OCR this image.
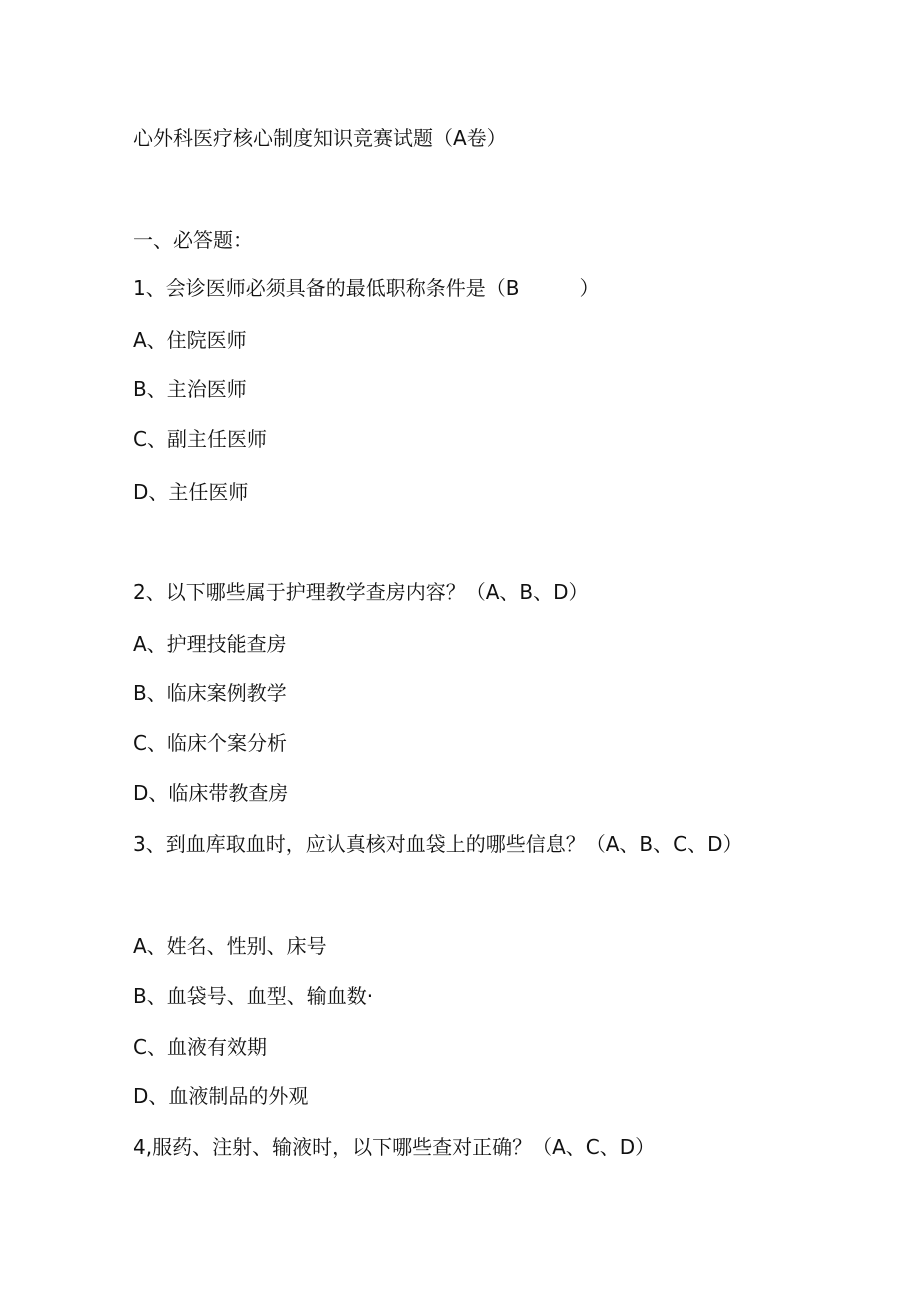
心外科医疗核心制度知识竞赛试题（A卷）
一、必答题：
1、会诊医师必须具备的最低职称条件是（B　　　）
A、住院医师
B、主治医师
C、副主任医师
D、主任医师
2、以下哪些属于护理教学查房内容？（A、B、D）
A、护理技能查房
B、临床案例教学
C、临床个案分析
D、临床带教查房
3、到血库取血时，应认真核对血袋上的哪些信息？（A、B、C、D）
A、姓名、性别、床号
B、血袋号、血型、输血数·
C、血液有效期
D、血液制品的外观
4,服药、注射、输液时，以下哪些查对正确？（A、C、D）
